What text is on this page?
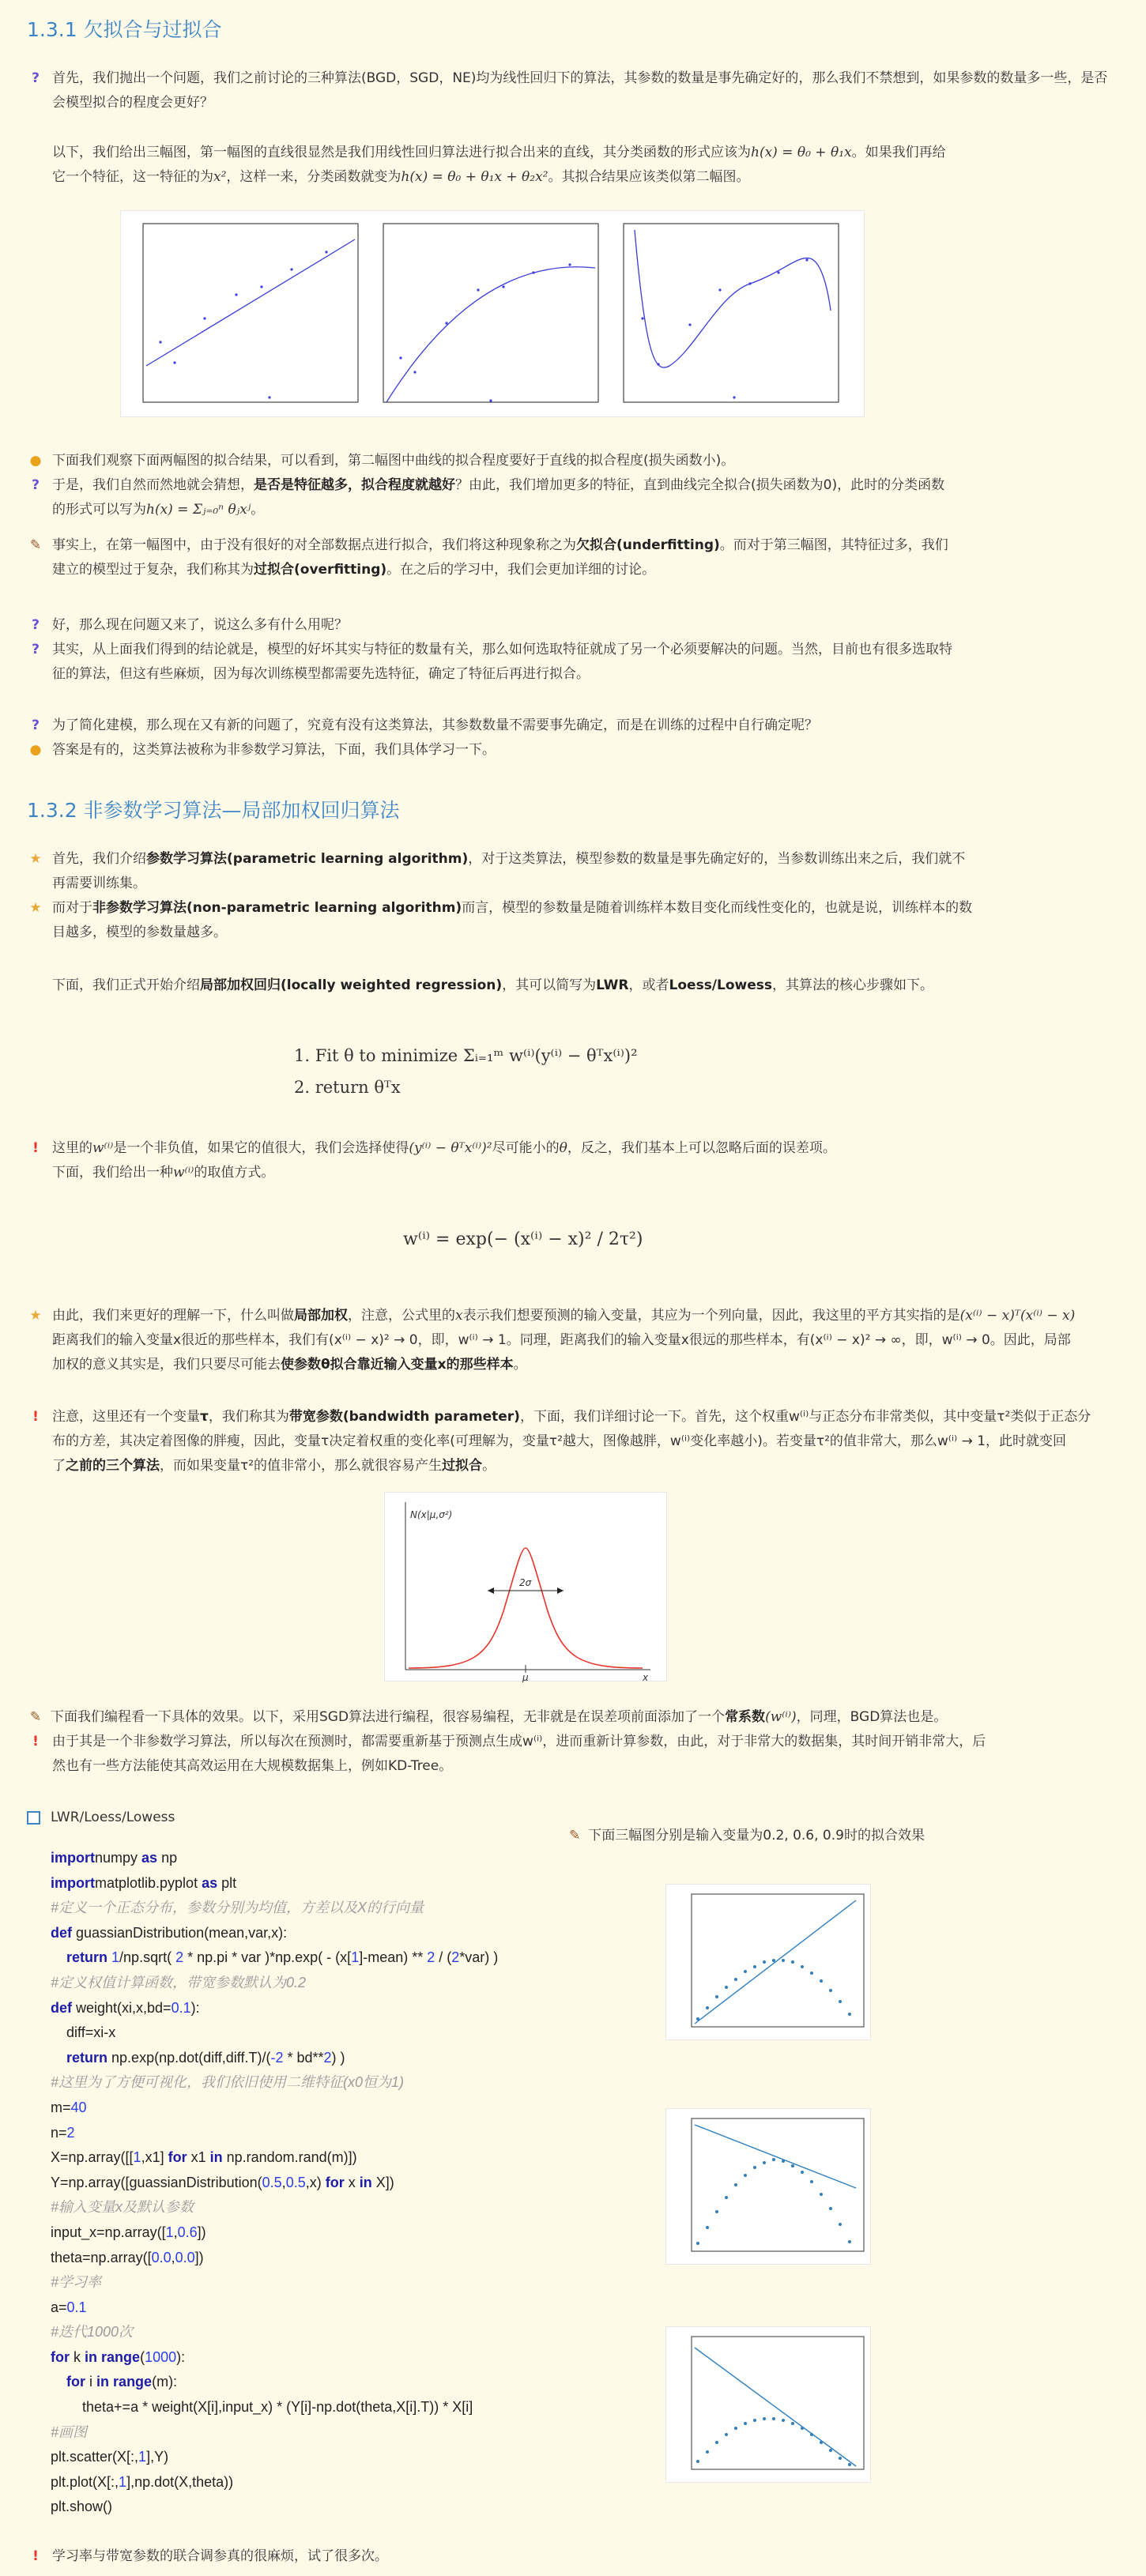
1.3.1 欠拟合与过拟合
? 首先，我们抛出一个问题，我们之前讨论的三种算法(BGD，SGD，NE)均为线性回归下的算法，其参数的数量是事先确定好的，那么我们不禁想到，如果参数的数量多一些，是否会模型拟合的程度会更好？
以下，我们给出三幅图，第一幅图的直线很显然是我们用线性回归算法进行拟合出来的直线，其分类函数的形式应该为h(x) = θ₀ + θ₁x。如果我们再给
它一个特征，这一特征的为x²，这样一来，分类函数就变为h(x) = θ₀ + θ₁x + θ₂x²。其拟合结果应该类似第二幅图。
● 下面我们观察下面两幅图的拟合结果，可以看到，第二幅图中曲线的拟合程度要好于直线的拟合程度(损失函数小)。
? 于是，我们自然而然地就会猜想，是否是特征越多，拟合程度就越好？由此，我们增加更多的特征，直到曲线完全拟合(损失函数为0)，此时的分类函数
的形式可以写为h(x) = Σⱼ₌₀ⁿ θⱼxʲ。
✎ 事实上，在第一幅图中，由于没有很好的对全部数据点进行拟合，我们将这种现象称之为欠拟合(underfitting)。而对于第三幅图，其特征过多，我们
建立的模型过于复杂，我们称其为过拟合(overfitting)。在之后的学习中，我们会更加详细的讨论。
? 好，那么现在问题又来了，说这么多有什么用呢？
? 其实，从上面我们得到的结论就是，模型的好坏其实与特征的数量有关，那么如何选取特征就成了另一个必须要解决的问题。当然，目前也有很多选取特
征的算法，但这有些麻烦，因为每次训练模型都需要先选特征，确定了特征后再进行拟合。
? 为了简化建模，那么现在又有新的问题了，究竟有没有这类算法，其参数数量不需要事先确定，而是在训练的过程中自行确定呢？
● 答案是有的，这类算法被称为非参数学习算法，下面，我们具体学习一下。
1.3.2 非参数学习算法—局部加权回归算法
★ 首先，我们介绍参数学习算法(parametric learning algorithm)，对于这类算法，模型参数的数量是事先确定好的，当参数训练出来之后，我们就不
再需要训练集。
★ 而对于非参数学习算法(non-parametric learning algorithm)而言，模型的参数量是随着训练样本数目变化而线性变化的，也就是说，训练样本的数
目越多，模型的参数量越多。
下面，我们正式开始介绍局部加权回归(locally weighted regression)，其可以简写为LWR，或者Loess/Lowess，其算法的核心步骤如下。
1. Fit θ to minimize Σᵢ₌₁ᵐ w⁽ⁱ⁾(y⁽ⁱ⁾ − θᵀx⁽ⁱ⁾)²
2. return θᵀx
!	这里的w⁽ⁱ⁾是一个非负值，如果它的值很大，我们会选择使得(y⁽ⁱ⁾ − θᵀx⁽ⁱ⁾)²尽可能小的θ，反之，我们基本上可以忽略后面的误差项。
下面，我们给出一种w⁽ⁱ⁾的取值方式。
w⁽ⁱ⁾ = exp(− (x⁽ⁱ⁾ − x)² / 2τ²)
★ 由此，我们来更好的理解一下，什么叫做局部加权，注意，公式里的x表示我们想要预测的输入变量，其应为一个列向量，因此，我这里的平方其实指的是(x⁽ⁱ⁾ − x)ᵀ(x⁽ⁱ⁾ − x)
距离我们的输入变量x很近的那些样本，我们有(x⁽ⁱ⁾ − x)² → 0，即，w⁽ⁱ⁾ → 1。同理，距离我们的输入变量x很远的那些样本，有(x⁽ⁱ⁾ − x)² → ∞，即，w⁽ⁱ⁾ → 0。因此，局部
加权的意义其实是，我们只要尽可能去使参数θ拟合靠近输入变量x的那些样本。
!	注意，这里还有一个变量τ，我们称其为带宽参数(bandwidth parameter)，下面，我们详细讨论一下。首先，这个权重w⁽ⁱ⁾与正态分布非常类似，其中变量τ²类似于正态分
布的方差，其决定着图像的胖瘦，因此，变量τ决定着权重的变化率(可理解为，变量τ²越大，图像越胖，w⁽ⁱ⁾变化率越小)。若变量τ²的值非常大，那么w⁽ⁱ⁾ → 1，此时就变回
了之前的三个算法，而如果变量τ²的值非常小，那么就很容易产生过拟合。
N(x|μ,σ²)
2σ
μ	x
✎ 下面我们编程看一下具体的效果。以下，采用SGD算法进行编程，很容易编程，无非就是在误差项前面添加了一个常系数(w⁽ⁱ⁾)，同理，BGD算法也是。
!	由于其是一个非参数学习算法，所以每次在预测时，都需要重新基于预测点生成w⁽ⁱ⁾，进而重新计算参数，由此，对于非常大的数据集，其时间开销非常大，后
然也有一些方法能使其高效运用在大规模数据集上，例如KD-Tree。
LWR/Loess/Lowess
✎ 下面三幅图分别是输入变量为0.2, 0.6, 0.9时的拟合效果
importnumpy as np
importmatplotlib.pyplot as plt
#定义一个正态分布，参数分别为均值，方差以及X的行向量
def guassianDistribution(mean,var,x):
return 1/np.sqrt( 2 * np.pi * var )*np.exp( - (x[1]-mean) ** 2 / (2*var) )
#定义权值计算函数，带宽参数默认为0.2
def weight(xi,x,bd=0.1):
diff=xi-x
return np.exp(np.dot(diff,diff.T)/(-2 * bd**2) )
#这里为了方便可视化，我们依旧使用二维特征(x0恒为1)
m=40
n=2
X=np.array([[1,x1] for x1 in np.random.rand(m)])
Y=np.array([guassianDistribution(0.5,0.5,x) for x in X])
#输入变量x及默认参数
input_x=np.array([1,0.6])
theta=np.array([0.0,0.0])
#学习率
a=0.1
#迭代1000次
for k in range(1000):
for i in range(m):
theta+=a * weight(X[i],input_x) * (Y[i]-np.dot(theta,X[i].T)) * X[i]
#画图
plt.scatter(X[:,1],Y)
plt.plot(X[:,1],np.dot(X,theta))
plt.show()
!	学习率与带宽参数的联合调参真的很麻烦，试了很多次。
